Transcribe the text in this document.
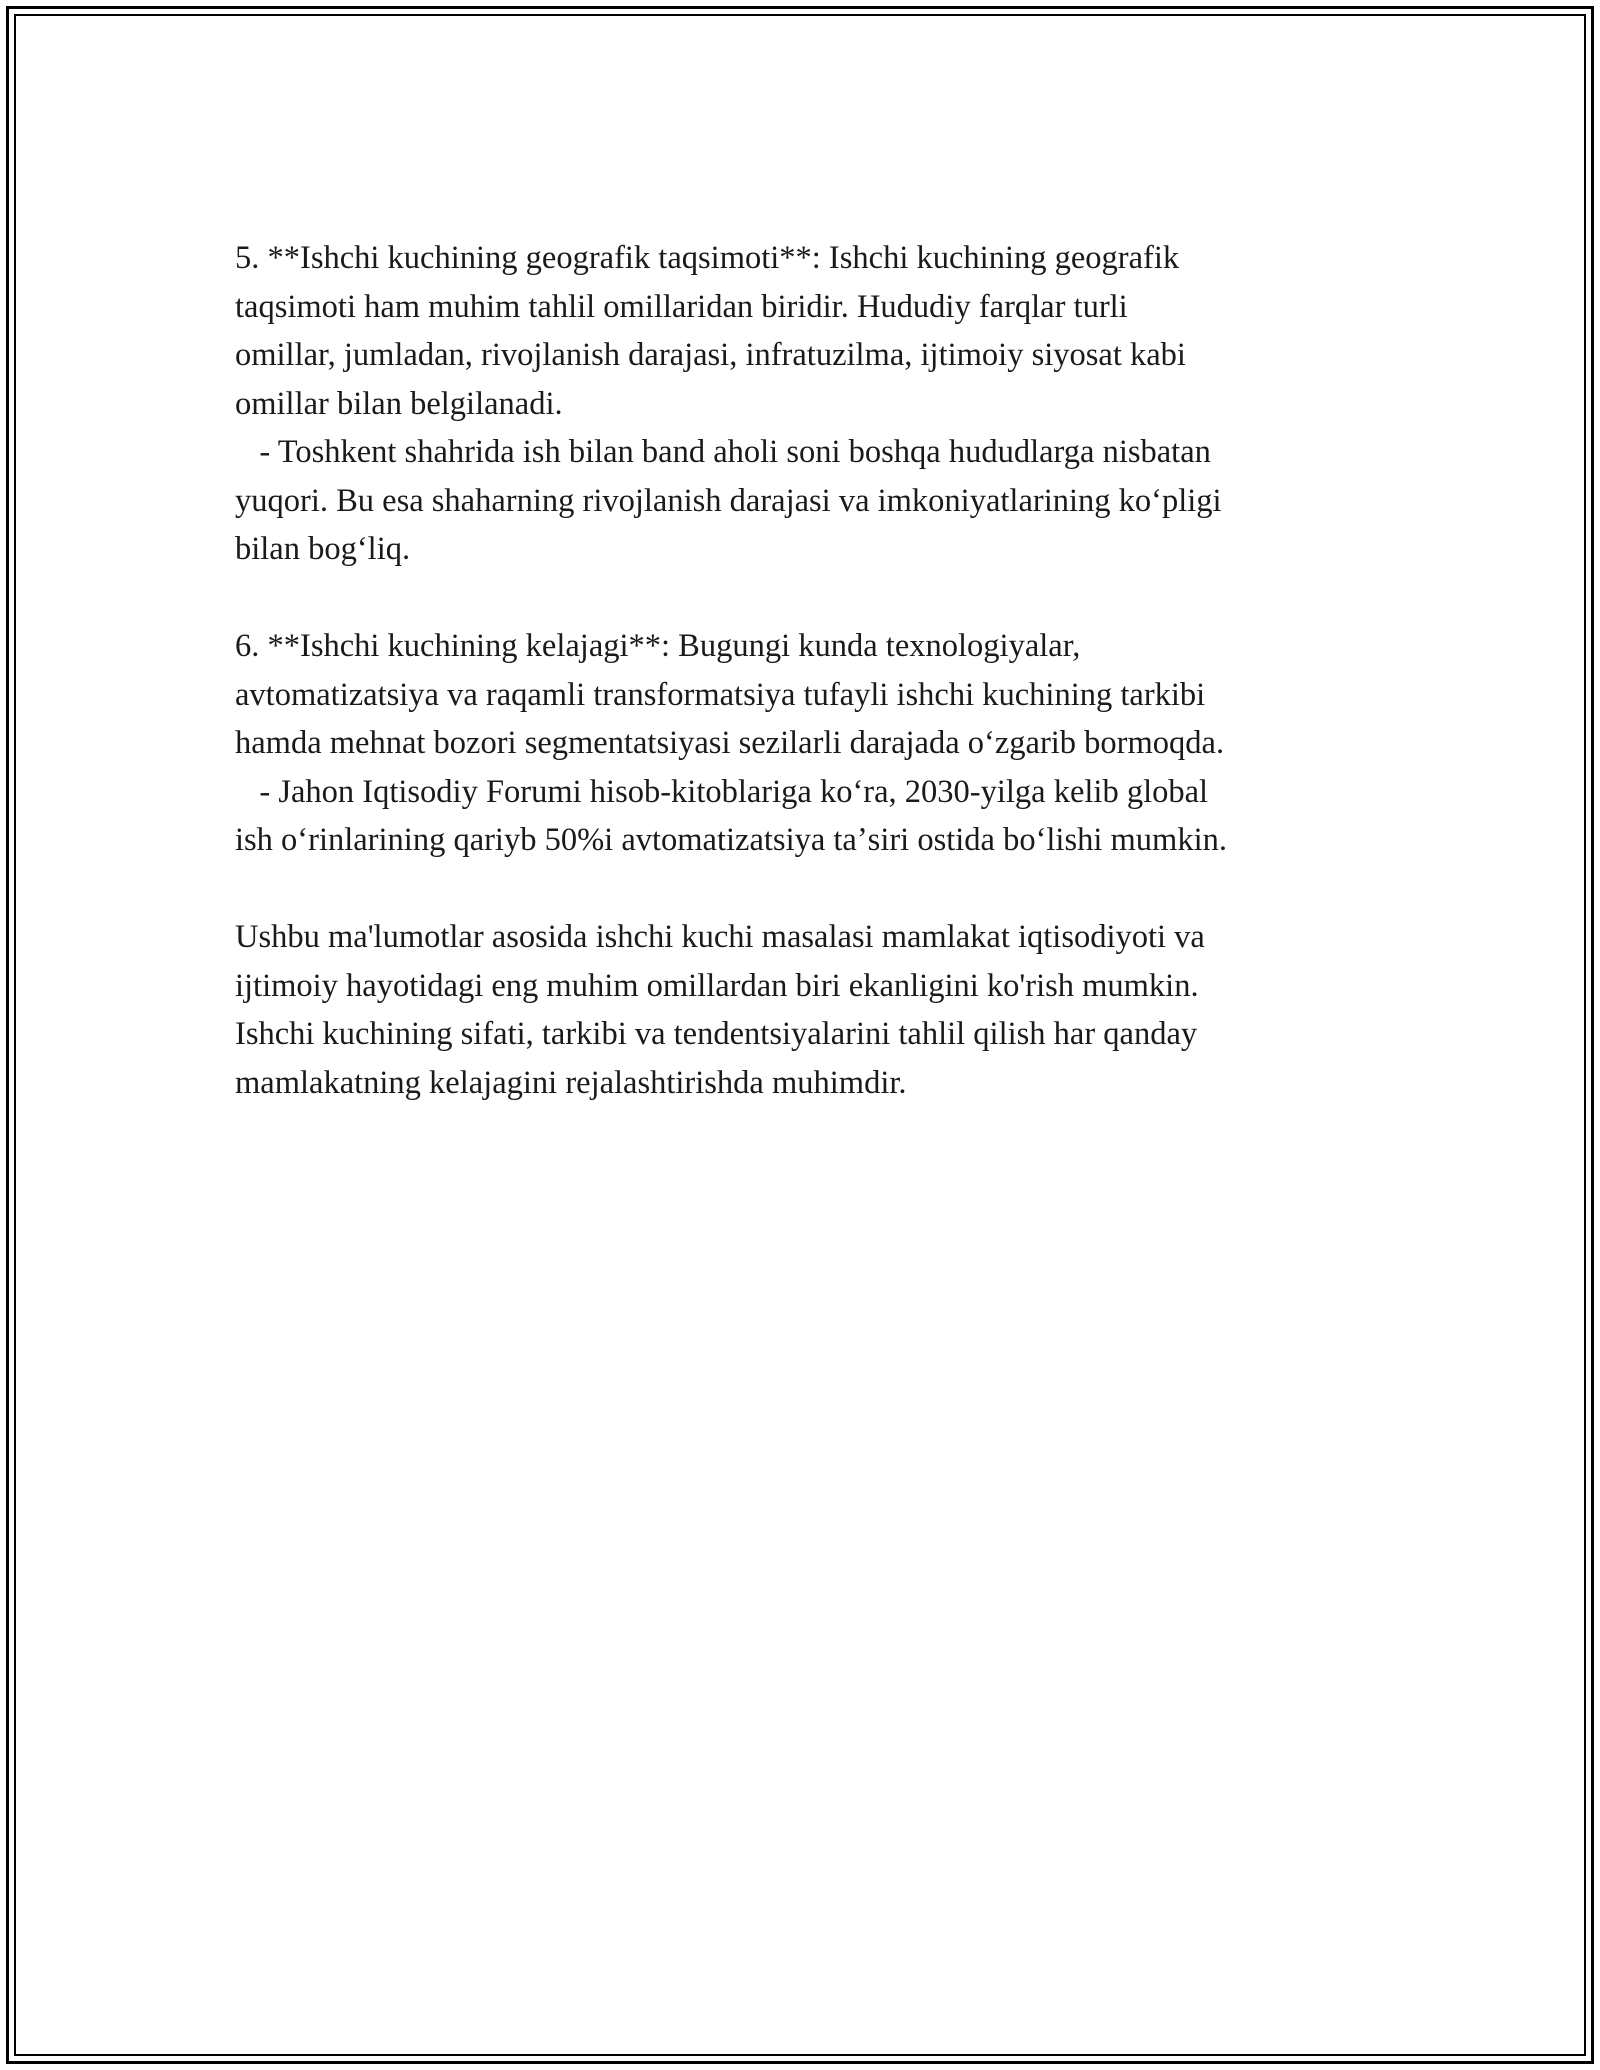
5. **Ishchi kuchining geografik taqsimoti**: Ishchi kuchining geografik
taqsimoti ham muhim tahlil omillaridan biridir. Hududiy farqlar turli
omillar, jumladan, rivojlanish darajasi, infratuzilma, ijtimoiy siyosat kabi
omillar bilan belgilanadi.
- Toshkent shahrida ish bilan band aholi soni boshqa hududlarga nisbatan
yuqori. Bu esa shaharning rivojlanish darajasi va imkoniyatlarining koʻpligi
bilan bogʻliq.
6. **Ishchi kuchining kelajagi**: Bugungi kunda texnologiyalar,
avtomatizatsiya va raqamli transformatsiya tufayli ishchi kuchining tarkibi
hamda mehnat bozori segmentatsiyasi sezilarli darajada oʻzgarib bormoqda.
- Jahon Iqtisodiy Forumi hisob-kitoblariga koʻra, 2030-yilga kelib global
ish oʻrinlarining qariyb 50%i avtomatizatsiya taʼsiri ostida boʻlishi mumkin.
Ushbu ma'lumotlar asosida ishchi kuchi masalasi mamlakat iqtisodiyoti va
ijtimoiy hayotidagi eng muhim omillardan biri ekanligini ko'rish mumkin.
Ishchi kuchining sifati, tarkibi va tendentsiyalarini tahlil qilish har qanday
mamlakatning kelajagini rejalashtirishda muhimdir.
